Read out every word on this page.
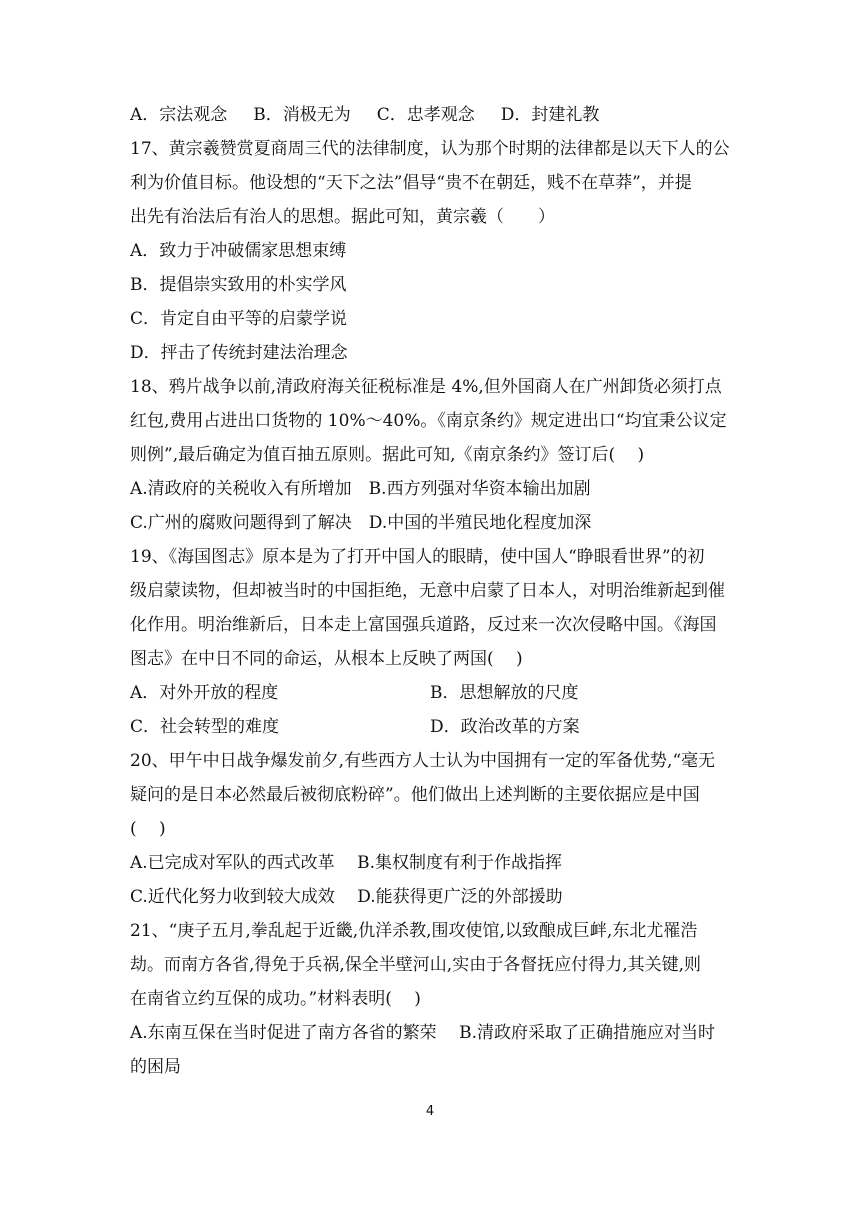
A．宗法观念 B．消极无为 C．忠孝观念 D．封建礼教
17、黄宗羲赞赏夏商周三代的法律制度，认为那个时期的法律都是以天下人的公
利为价值目标。他设想的“天下之法”倡导“贵不在朝廷，贱不在草莽”，并提
出先有治法后有治人的思想。据此可知，黄宗羲（　　）
A．致力于冲破儒家思想束缚
B．提倡崇实致用的朴实学风
C．肯定自由平等的启蒙学说
D．抨击了传统封建法治理念
18、鸦片战争以前,清政府海关征税标准是 4%,但外国商人在广州卸货必须打点
红包,费用占进出口货物的 10%～40%。《南京条约》规定进出口“均宜秉公议定
则例”,最后确定为值百抽五原则。据此可知,《南京条约》签订后(　 )
A.清政府的关税收入有所增加　B.西方列强对华资本输出加剧
C.广州的腐败问题得到了解决　D.中国的半殖民地化程度加深
19、《海国图志》原本是为了打开中国人的眼睛，使中国人“睁眼看世界”的初
级启蒙读物，但却被当时的中国拒绝，无意中启蒙了日本人，对明治维新起到催
化作用。明治维新后，日本走上富国强兵道路，反过来一次次侵略中国。《海国
图志》在中日不同的命运，从根本上反映了两国(　 )
A．对外开放的程度	B．思想解放的尺度
C．社会转型的难度	D．政治改革的方案
20、甲午中日战争爆发前夕,有些西方人士认为中国拥有一定的军备优势,“毫无
疑问的是日本必然最后被彻底粉碎”。他们做出上述判断的主要依据应是中国
(　 )
A.已完成对军队的西式改革　 B.集权制度有利于作战指挥
C.近代化努力收到较大成效　 D.能获得更广泛的外部援助
21、“庚子五月,拳乱起于近畿,仇洋杀教,围攻使馆,以致酿成巨衅,东北尤罹浩
劫。而南方各省,得免于兵祸,保全半壁河山,实由于各督抚应付得力,其关键,则
在南省立约互保的成功。”材料表明(　 )
A.东南互保在当时促进了南方各省的繁荣　 B.清政府采取了正确措施应对当时
的困局
4
